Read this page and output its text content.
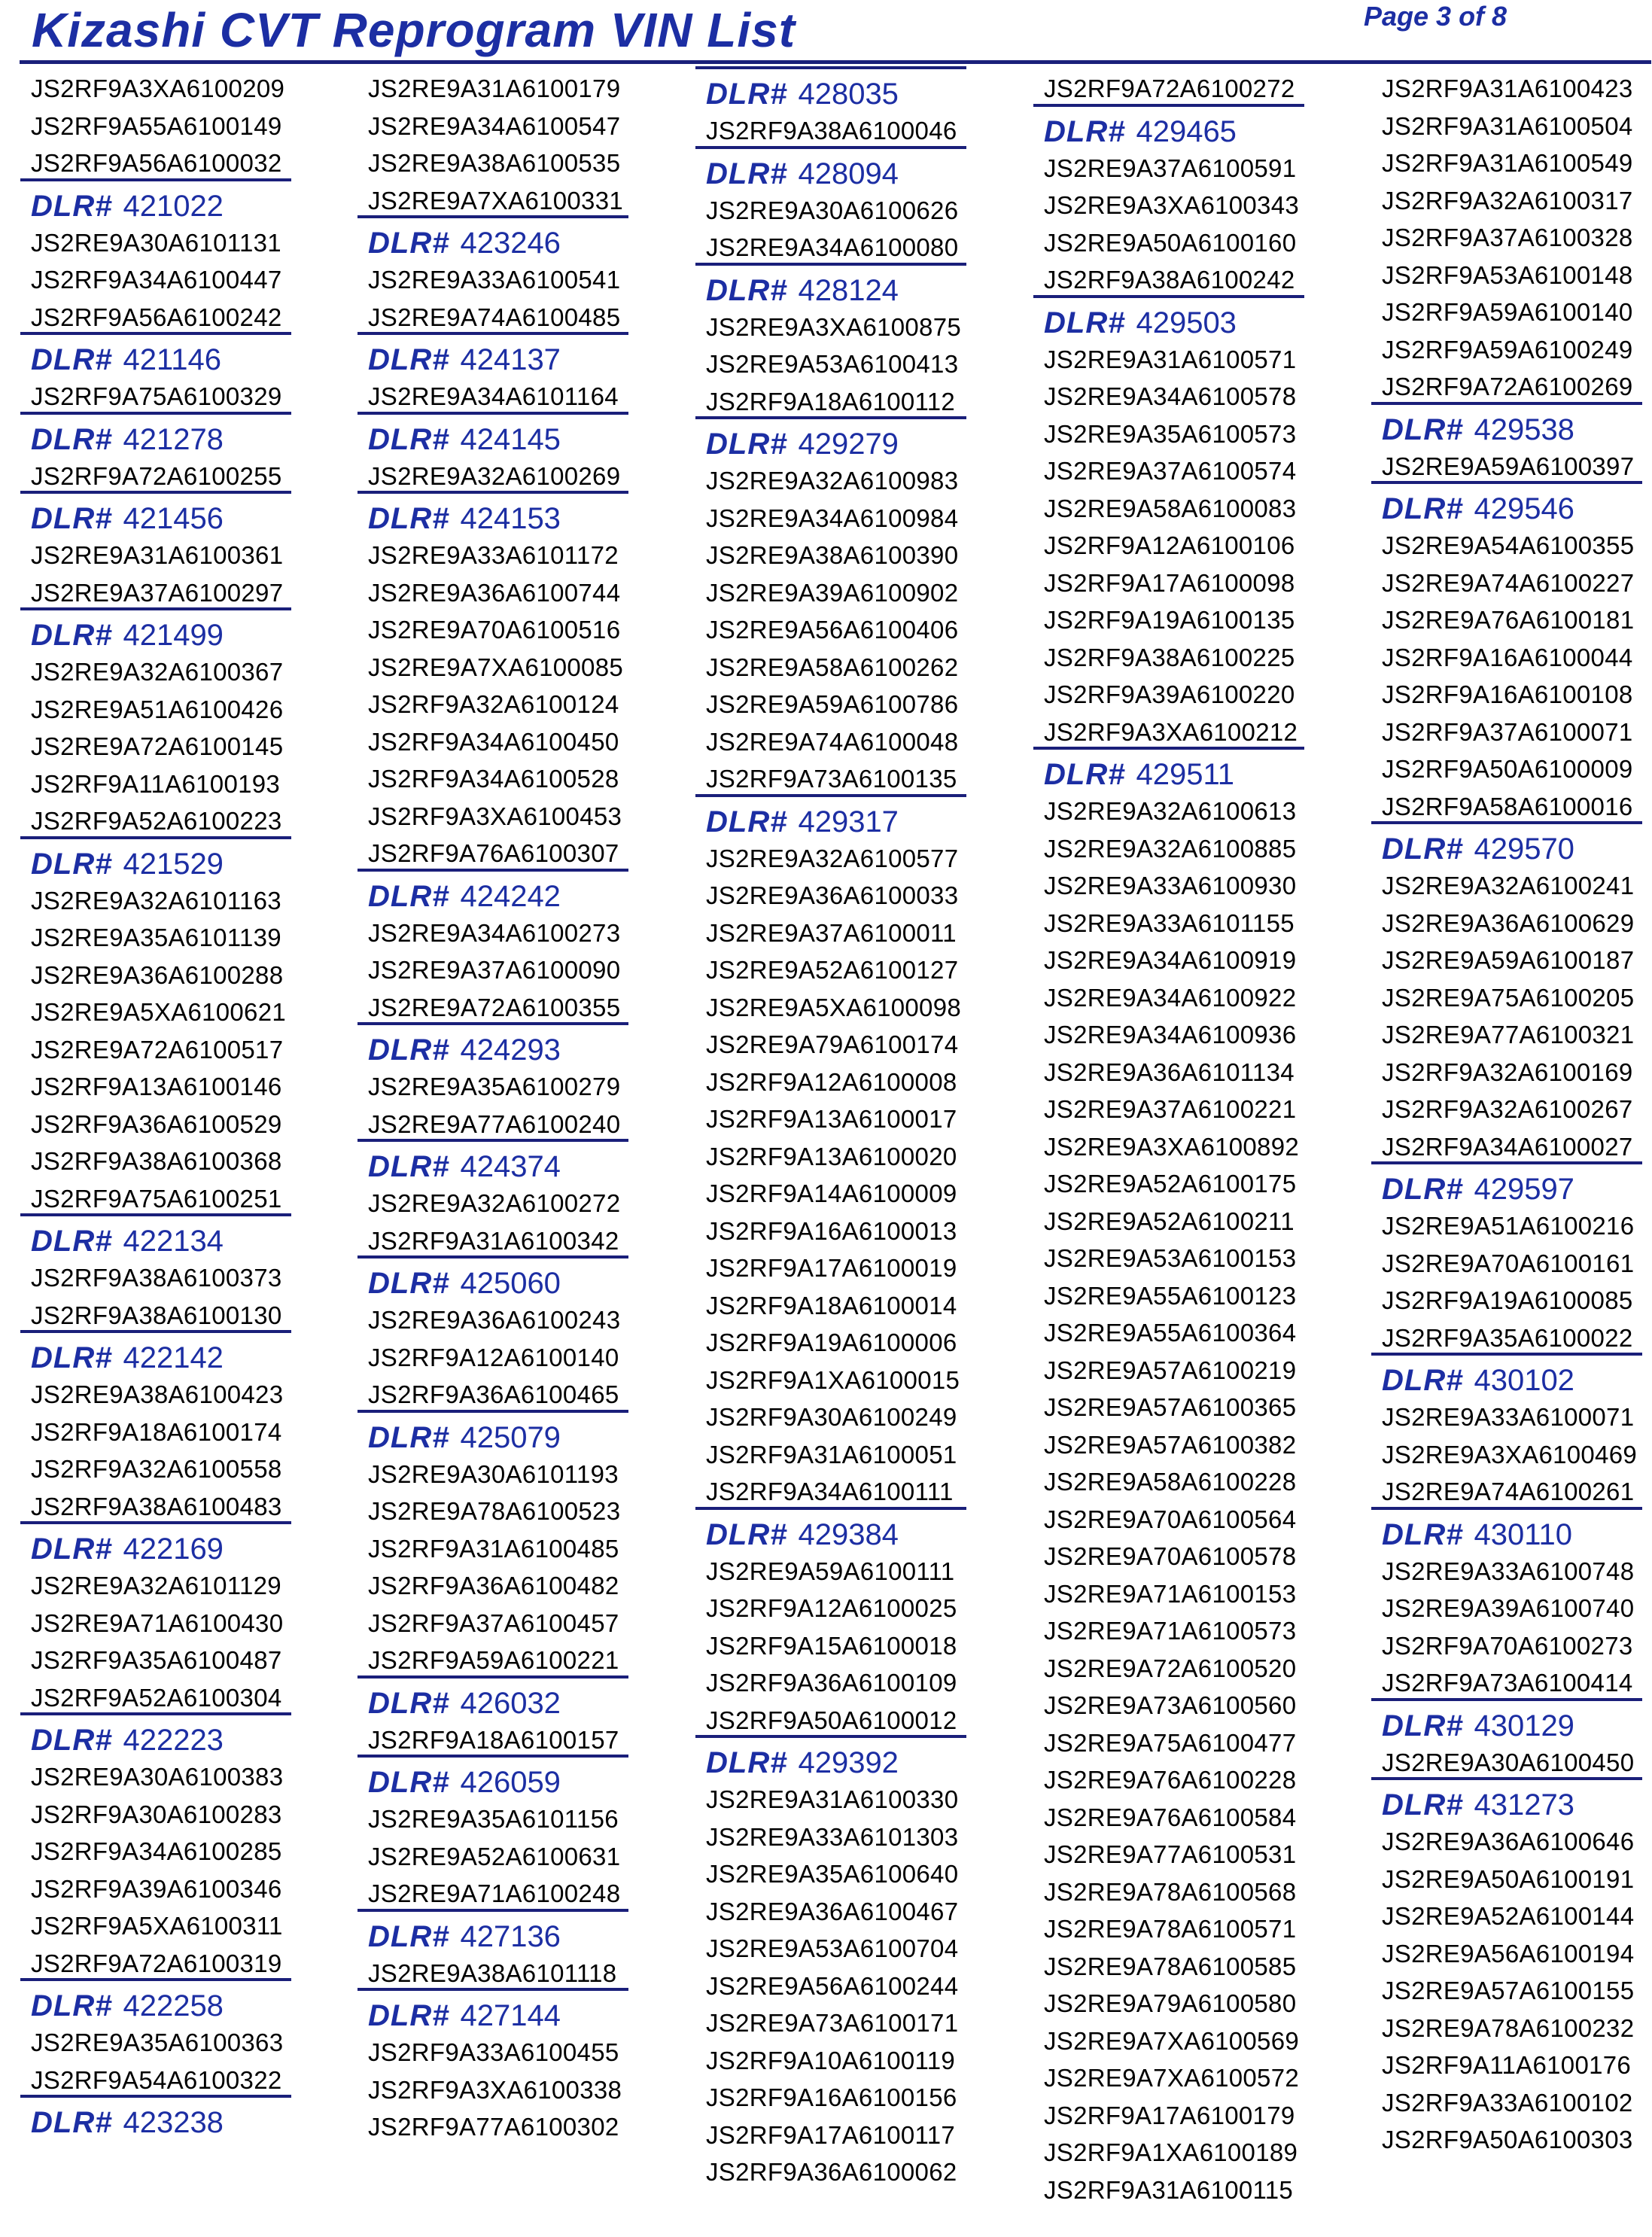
Kizashi CVT Reprogram VIN List	Page 3 of 8
JS2RF9A3XA6100209
JS2RF9A55A6100149
JS2RF9A56A6100032
DLR# 421022
JS2RE9A30A6101131
JS2RF9A34A6100447
JS2RF9A56A6100242
DLR# 421146
JS2RF9A75A6100329
DLR# 421278
JS2RF9A72A6100255
DLR# 421456
JS2RE9A31A6100361
JS2RE9A37A6100297
DLR# 421499
JS2RE9A32A6100367
JS2RE9A51A6100426
JS2RE9A72A6100145
JS2RF9A11A6100193
JS2RF9A52A6100223
DLR# 421529
JS2RE9A32A6101163
JS2RE9A35A6101139
JS2RE9A36A6100288
JS2RE9A5XA6100621
JS2RE9A72A6100517
JS2RF9A13A6100146
JS2RF9A36A6100529
JS2RF9A38A6100368
JS2RF9A75A6100251
DLR# 422134
JS2RF9A38A6100373
JS2RF9A38A6100130
DLR# 422142
JS2RE9A38A6100423
JS2RF9A18A6100174
JS2RF9A32A6100558
JS2RF9A38A6100483
DLR# 422169
JS2RE9A32A6101129
JS2RE9A71A6100430
JS2RF9A35A6100487
JS2RF9A52A6100304
DLR# 422223
JS2RE9A30A6100383
JS2RF9A30A6100283
JS2RF9A34A6100285
JS2RF9A39A6100346
JS2RF9A5XA6100311
JS2RF9A72A6100319
DLR# 422258
JS2RE9A35A6100363
JS2RF9A54A6100322
DLR# 423238
JS2RE9A31A6100179
JS2RE9A34A6100547
JS2RE9A38A6100535
JS2RE9A7XA6100331
DLR# 423246
JS2RE9A33A6100541
JS2RE9A74A6100485
DLR# 424137
JS2RE9A34A6101164
DLR# 424145
JS2RE9A32A6100269
DLR# 424153
JS2RE9A33A6101172
JS2RE9A36A6100744
JS2RE9A70A6100516
JS2RE9A7XA6100085
JS2RF9A32A6100124
JS2RF9A34A6100450
JS2RF9A34A6100528
JS2RF9A3XA6100453
JS2RF9A76A6100307
DLR# 424242
JS2RE9A34A6100273
JS2RE9A37A6100090
JS2RE9A72A6100355
DLR# 424293
JS2RE9A35A6100279
JS2RE9A77A6100240
DLR# 424374
JS2RE9A32A6100272
JS2RF9A31A6100342
DLR# 425060
JS2RE9A36A6100243
JS2RF9A12A6100140
JS2RF9A36A6100465
DLR# 425079
JS2RE9A30A6101193
JS2RE9A78A6100523
JS2RF9A31A6100485
JS2RF9A36A6100482
JS2RF9A37A6100457
JS2RF9A59A6100221
DLR# 426032
JS2RF9A18A6100157
DLR# 426059
JS2RE9A35A6101156
JS2RE9A52A6100631
JS2RE9A71A6100248
DLR# 427136
JS2RE9A38A6101118
DLR# 427144
JS2RF9A33A6100455
JS2RF9A3XA6100338
JS2RF9A77A6100302
DLR# 428035
JS2RF9A38A6100046
DLR# 428094
JS2RE9A30A6100626
JS2RE9A34A6100080
DLR# 428124
JS2RE9A3XA6100875
JS2RE9A53A6100413
JS2RF9A18A6100112
DLR# 429279
JS2RE9A32A6100983
JS2RE9A34A6100984
JS2RE9A38A6100390
JS2RE9A39A6100902
JS2RE9A56A6100406
JS2RE9A58A6100262
JS2RE9A59A6100786
JS2RE9A74A6100048
JS2RF9A73A6100135
DLR# 429317
JS2RE9A32A6100577
JS2RE9A36A6100033
JS2RE9A37A6100011
JS2RE9A52A6100127
JS2RE9A5XA6100098
JS2RE9A79A6100174
JS2RF9A12A6100008
JS2RF9A13A6100017
JS2RF9A13A6100020
JS2RF9A14A6100009
JS2RF9A16A6100013
JS2RF9A17A6100019
JS2RF9A18A6100014
JS2RF9A19A6100006
JS2RF9A1XA6100015
JS2RF9A30A6100249
JS2RF9A31A6100051
JS2RF9A34A6100111
DLR# 429384
JS2RE9A59A6100111
JS2RF9A12A6100025
JS2RF9A15A6100018
JS2RF9A36A6100109
JS2RF9A50A6100012
DLR# 429392
JS2RE9A31A6100330
JS2RE9A33A6101303
JS2RE9A35A6100640
JS2RE9A36A6100467
JS2RE9A53A6100704
JS2RE9A56A6100244
JS2RE9A73A6100171
JS2RF9A10A6100119
JS2RF9A16A6100156
JS2RF9A17A6100117
JS2RF9A36A6100062
JS2RF9A72A6100272
DLR# 429465
JS2RE9A37A6100591
JS2RE9A3XA6100343
JS2RE9A50A6100160
JS2RF9A38A6100242
DLR# 429503
JS2RE9A31A6100571
JS2RE9A34A6100578
JS2RE9A35A6100573
JS2RE9A37A6100574
JS2RE9A58A6100083
JS2RF9A12A6100106
JS2RF9A17A6100098
JS2RF9A19A6100135
JS2RF9A38A6100225
JS2RF9A39A6100220
JS2RF9A3XA6100212
DLR# 429511
JS2RE9A32A6100613
JS2RE9A32A6100885
JS2RE9A33A6100930
JS2RE9A33A6101155
JS2RE9A34A6100919
JS2RE9A34A6100922
JS2RE9A34A6100936
JS2RE9A36A6101134
JS2RE9A37A6100221
JS2RE9A3XA6100892
JS2RE9A52A6100175
JS2RE9A52A6100211
JS2RE9A53A6100153
JS2RE9A55A6100123
JS2RE9A55A6100364
JS2RE9A57A6100219
JS2RE9A57A6100365
JS2RE9A57A6100382
JS2RE9A58A6100228
JS2RE9A70A6100564
JS2RE9A70A6100578
JS2RE9A71A6100153
JS2RE9A71A6100573
JS2RE9A72A6100520
JS2RE9A73A6100560
JS2RE9A75A6100477
JS2RE9A76A6100228
JS2RE9A76A6100584
JS2RE9A77A6100531
JS2RE9A78A6100568
JS2RE9A78A6100571
JS2RE9A78A6100585
JS2RE9A79A6100580
JS2RE9A7XA6100569
JS2RE9A7XA6100572
JS2RF9A17A6100179
JS2RF9A1XA6100189
JS2RF9A31A6100115
JS2RF9A31A6100423
JS2RF9A31A6100504
JS2RF9A31A6100549
JS2RF9A32A6100317
JS2RF9A37A6100328
JS2RF9A53A6100148
JS2RF9A59A6100140
JS2RF9A59A6100249
JS2RF9A72A6100269
DLR# 429538
JS2RE9A59A6100397
DLR# 429546
JS2RE9A54A6100355
JS2RE9A74A6100227
JS2RE9A76A6100181
JS2RF9A16A6100044
JS2RF9A16A6100108
JS2RF9A37A6100071
JS2RF9A50A6100009
JS2RF9A58A6100016
DLR# 429570
JS2RE9A32A6100241
JS2RE9A36A6100629
JS2RE9A59A6100187
JS2RE9A75A6100205
JS2RE9A77A6100321
JS2RF9A32A6100169
JS2RF9A32A6100267
JS2RF9A34A6100027
DLR# 429597
JS2RE9A51A6100216
JS2RE9A70A6100161
JS2RF9A19A6100085
JS2RF9A35A6100022
DLR# 430102
JS2RE9A33A6100071
JS2RE9A3XA6100469
JS2RE9A74A6100261
DLR# 430110
JS2RE9A33A6100748
JS2RE9A39A6100740
JS2RF9A70A6100273
JS2RF9A73A6100414
DLR# 430129
JS2RE9A30A6100450
DLR# 431273
JS2RE9A36A6100646
JS2RE9A50A6100191
JS2RE9A52A6100144
JS2RE9A56A6100194
JS2RE9A57A6100155
JS2RE9A78A6100232
JS2RF9A11A6100176
JS2RF9A33A6100102
JS2RF9A50A6100303
